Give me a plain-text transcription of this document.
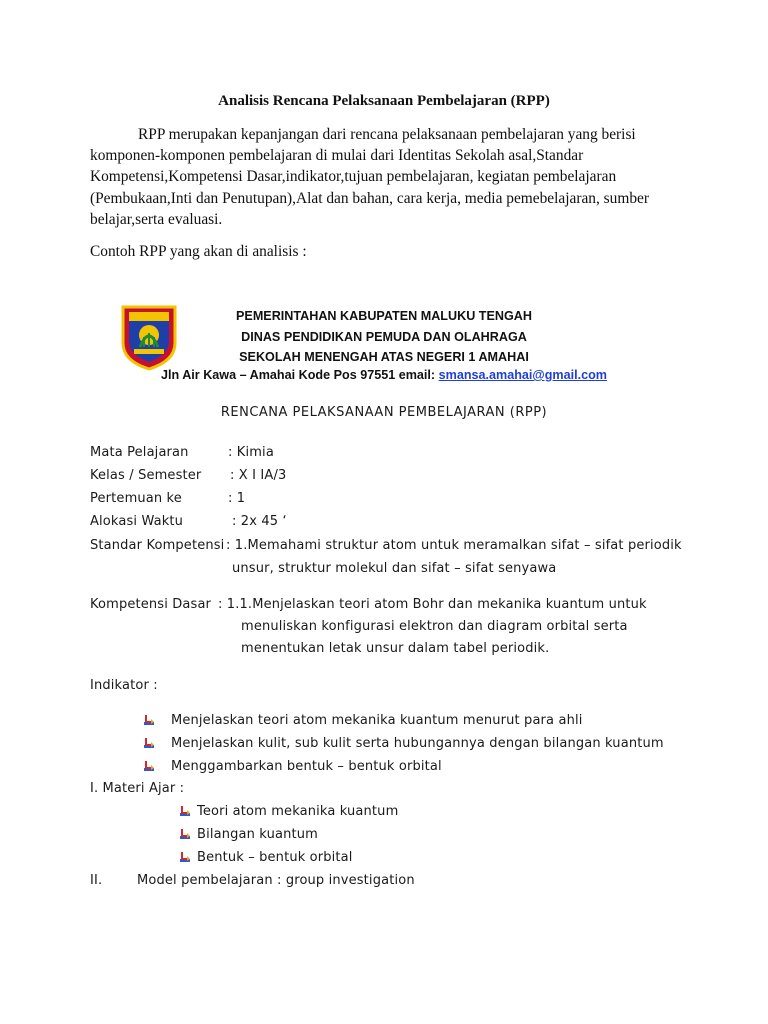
Analisis Rencana Pelaksanaan Pembelajaran (RPP)
RPP merupakan kepanjangan dari rencana pelaksanaan pembelajaran yang berisi
komponen-komponen pembelajaran di mulai dari Identitas Sekolah asal,Standar
Kompetensi,Kompetensi Dasar,indikator,tujuan pembelajaran, kegiatan pembelajaran
(Pembukaan,Inti dan Penutupan),Alat dan bahan, cara kerja, media pemebelajaran, sumber
belajar,serta evaluasi.
Contoh RPP yang akan di analisis :
PEMERINTAHAN KABUPATEN MALUKU TENGAH
DINAS PENDIDIKAN PEMUDA DAN OLAHRAGA
SEKOLAH MENENGAH ATAS NEGERI 1 AMAHAI
Jln Air Kawa – Amahai Kode Pos 97551 email: smansa.amahai@gmail.com
RENCANA PELAKSANAAN PEMBELAJARAN (RPP)
Mata Pelajaran	: Kimia
Kelas / Semester : X I IA/3
Pertemuan ke	: 1
Alokasi Waktu	: 2x 45 ‘
Standar Kompetensi : 1.Memahami struktur atom untuk meramalkan sifat – sifat periodik
unsur, struktur molekul dan sifat – sifat senyawa
Kompetensi Dasar : 1.1.Menjelaskan teori atom Bohr dan mekanika kuantum untuk
menuliskan konfigurasi elektron dan diagram orbital serta
menentukan letak unsur dalam tabel periodik.
Indikator :
Menjelaskan teori atom mekanika kuantum menurut para ahli
Menjelaskan kulit, sub kulit serta hubungannya dengan bilangan kuantum
Menggambarkan bentuk – bentuk orbital
I. Materi Ajar :
Teori atom mekanika kuantum
Bilangan kuantum
Bentuk – bentuk orbital
II.	Model pembelajaran : group investigation
